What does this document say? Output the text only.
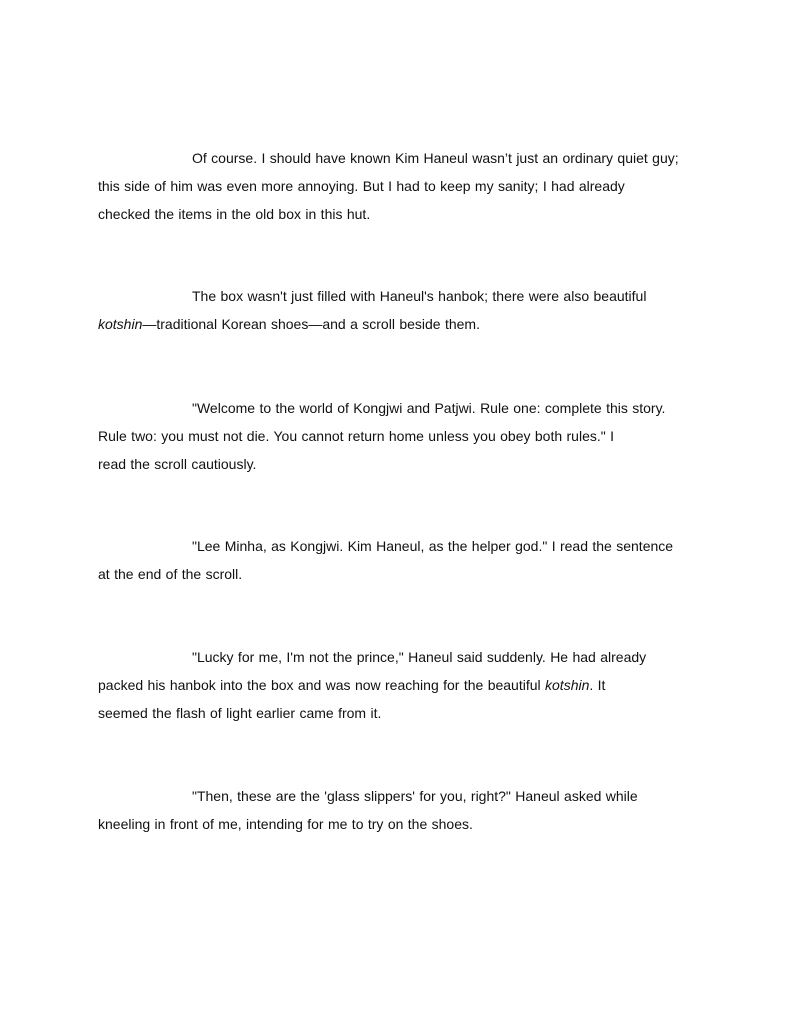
Of course. I should have known Kim Haneul wasn’t just an ordinary quiet guy;
this side of him was even more annoying. But I had to keep my sanity; I had already
checked the items in the old box in this hut.

The box wasn't just filled with Haneul's hanbok; there were also beautiful
kotshin—traditional Korean shoes—and a scroll beside them.

"Welcome to the world of Kongjwi and Patjwi. Rule one: complete this story.
Rule two: you must not die. You cannot return home unless you obey both rules." I
read the scroll cautiously.

"Lee Minha, as Kongjwi. Kim Haneul, as the helper god." I read the sentence
at the end of the scroll.

"Lucky for me, I'm not the prince," Haneul said suddenly. He had already
packed his hanbok into the box and was now reaching for the beautiful kotshin. It
seemed the flash of light earlier came from it.

"Then, these are the 'glass slippers' for you, right?" Haneul asked while
kneeling in front of me, intending for me to try on the shoes.
